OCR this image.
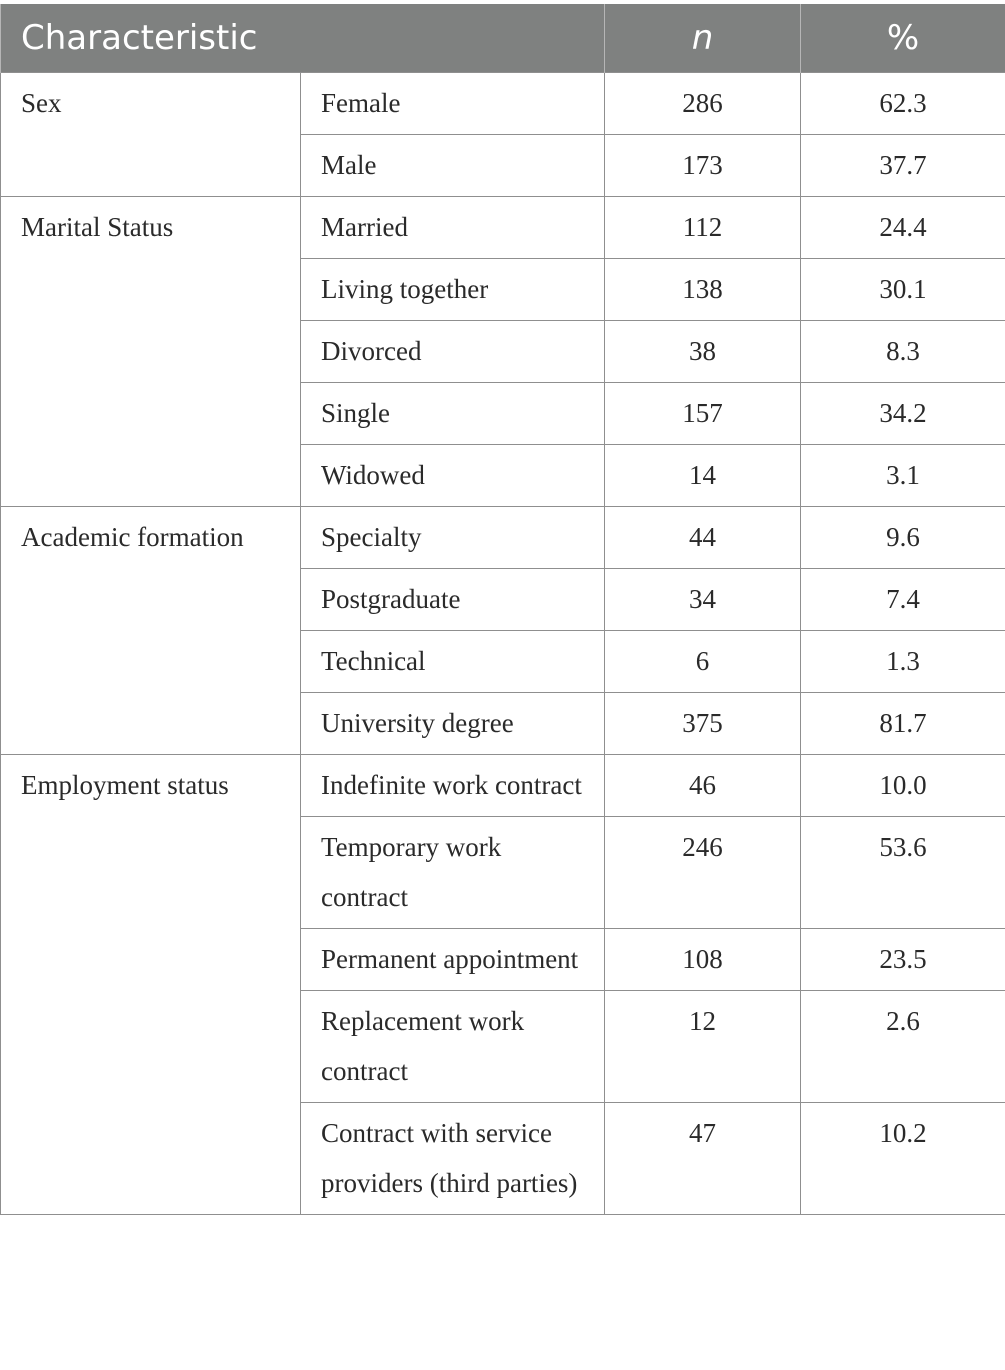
Characteristic		n	%
Sex	Female	286	62.3
	Male	173	37.7
Marital Status	Married	112	24.4
	Living together	138	30.1
	Divorced	38	8.3
	Single	157	34.2
	Widowed	14	3.1
Academic formation	Specialty	44	9.6
	Postgraduate	34	7.4
	Technical	6	1.3
	University degree	375	81.7
Employment status	Indefinite work contract	46	10.0
	Temporary work contract	246	53.6
	Permanent appointment	108	23.5
	Replacement work contract	12	2.6
	Contract with service providers (third parties)	47	10.2
